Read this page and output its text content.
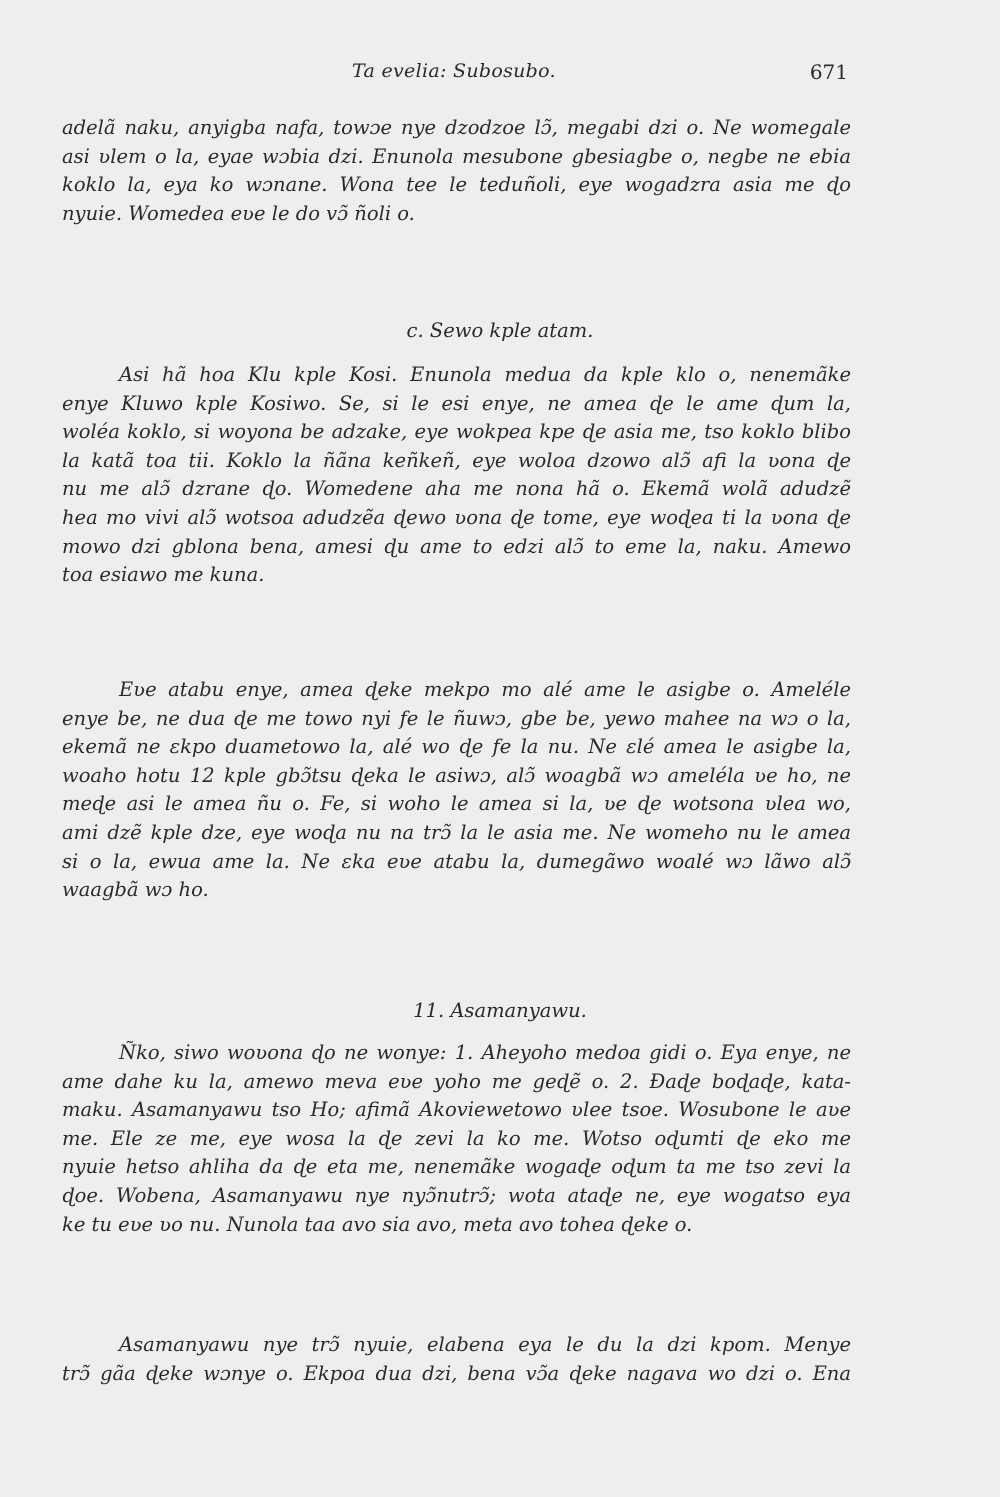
Ta evelia: Subosubo.	671
adelã naku, anyigba nafa, towɔe nye dzodzoe lɔ̃, megabi dzi o. Ne womegale
asi ʋlem o la, eyae wɔbia dzi. Enunola mesubone gbesiagbe o, negbe ne ebia
koklo la, eya ko wɔnane. Wona tee le teduñoli, eye wogadzra asia me ɖo
nyuie. Womedea eʋe le do vɔ̃ ñoli o.
c. Sewo kple atam.
Asi hã hoa Klu kple Kosi. Enunola medua da kple klo o, nenemãke
enye Kluwo kple Kosiwo. Se, si le esi enye, ne amea ɖe le ame ɖum la,
woléa koklo, si woyona be adzake, eye wokpea kpe ɖe asia me, tso koklo blibo
la katã toa tii. Koklo la ñãna keñkeñ, eye woloa dzowo alɔ̃ afi la ʋona ɖe
nu me alɔ̃ dzrane ɖo. Womedene aha me nona hã o. Ekemã wolã adudzẽ
hea mo vivi alɔ̃ wotsoa adudzẽa ɖewo ʋona ɖe tome, eye woɖea ti la ʋona ɖe
mowo dzi gblona bena, amesi ɖu ame to edzi alɔ̃ to eme la, naku. Amewo
toa esiawo me kuna.
Eʋe atabu enye, amea ɖeke mekpo mo alé ame le asigbe o. Ameléle
enye be, ne dua ɖe me towo nyi fe le ñuwɔ, gbe be, yewo mahee na wɔ o la,
ekemã ne ɛkpo duametowo la, alé wo ɖe fe la nu. Ne ɛlé amea le asigbe la,
woaho hotu 12 kple gbɔ̃tsu ɖeka le asiwɔ, alɔ̃ woagbã wɔ ameléla ʋe ho, ne
meɖe asi le amea ñu o. Fe, si woho le amea si la, ʋe ɖe wotsona ʋlea wo,
ami dzẽ kple dze, eye woɖa nu na trɔ̃ la le asia me. Ne womeho nu le amea
si o la, ewua ame la. Ne ɛka eʋe atabu la, dumegãwo woalé wɔ lãwo alɔ̃
waagbã wɔ ho.
11. Asamanyawu.
Ñko, siwo woʋona ɖo ne wonye: 1. Aheyoho medoa gidi o. Eya enye, ne
ame dahe ku la, amewo meva eʋe yoho me geɖẽ o. 2. Ɖaɖe boɖaɖe, kata-
maku. Asamanyawu tso Ho; afimã Akoviewetowo ʋlee tsoe. Wosubone le aʋe
me. Ele ze me, eye wosa la ɖe zevi la ko me. Wotso oɖumti ɖe eko me
nyuie hetso ahliha da ɖe eta me, nenemãke wogaɖe oɖum ta me tso zevi la
ɖoe. Wobena, Asamanyawu nye nyɔ̃nutrɔ̃; wota ataɖe ne, eye wogatso eya
ke tu eʋe ʋo nu. Nunola taa avo sia avo, meta avo tohea ɖeke o.
Asamanyawu nye trɔ̃ nyuie, elabena eya le du la dzi kpom. Menye
trɔ̃ gãa ɖeke wɔnye o. Ekpoa dua dzi, bena vɔ̃a ɖeke nagava wo dzi o. Ena
